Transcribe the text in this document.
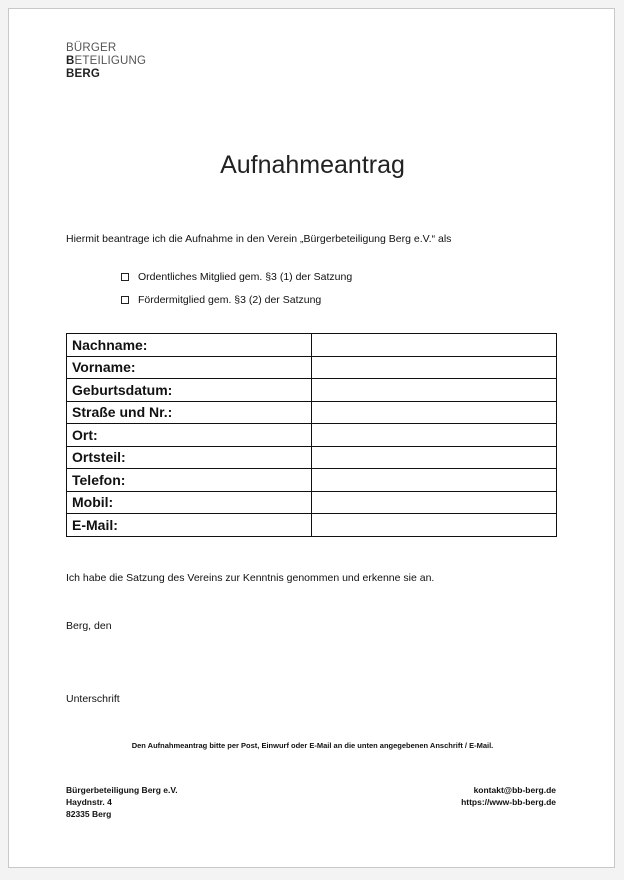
BÜRGER
BETEILIGUNG
BERG
Aufnahmeantrag
Hiermit beantrage ich die Aufnahme in den Verein „Bürgerbeteiligung Berg e.V.“ als
Ordentliches Mitglied gem. §3 (1) der Satzung
Fördermitglied gem. §3 (2) der Satzung
Nachname:	
Vorname:	
Geburtsdatum:	
Straße und Nr.:	
Ort:	
Ortsteil:	
Telefon:	
Mobil:	
E-Mail:	
Ich habe die Satzung des Vereins zur Kenntnis genommen und erkenne sie an.
Berg, den
Unterschrift
Den Aufnahmeantrag bitte per Post, Einwurf oder E-Mail an die unten angegebenen Anschrift / E-Mail.
Bürgerbeteiligung Berg e.V.
Haydnstr. 4
82335 Berg
kontakt@bb-berg.de
https://www-bb-berg.de
